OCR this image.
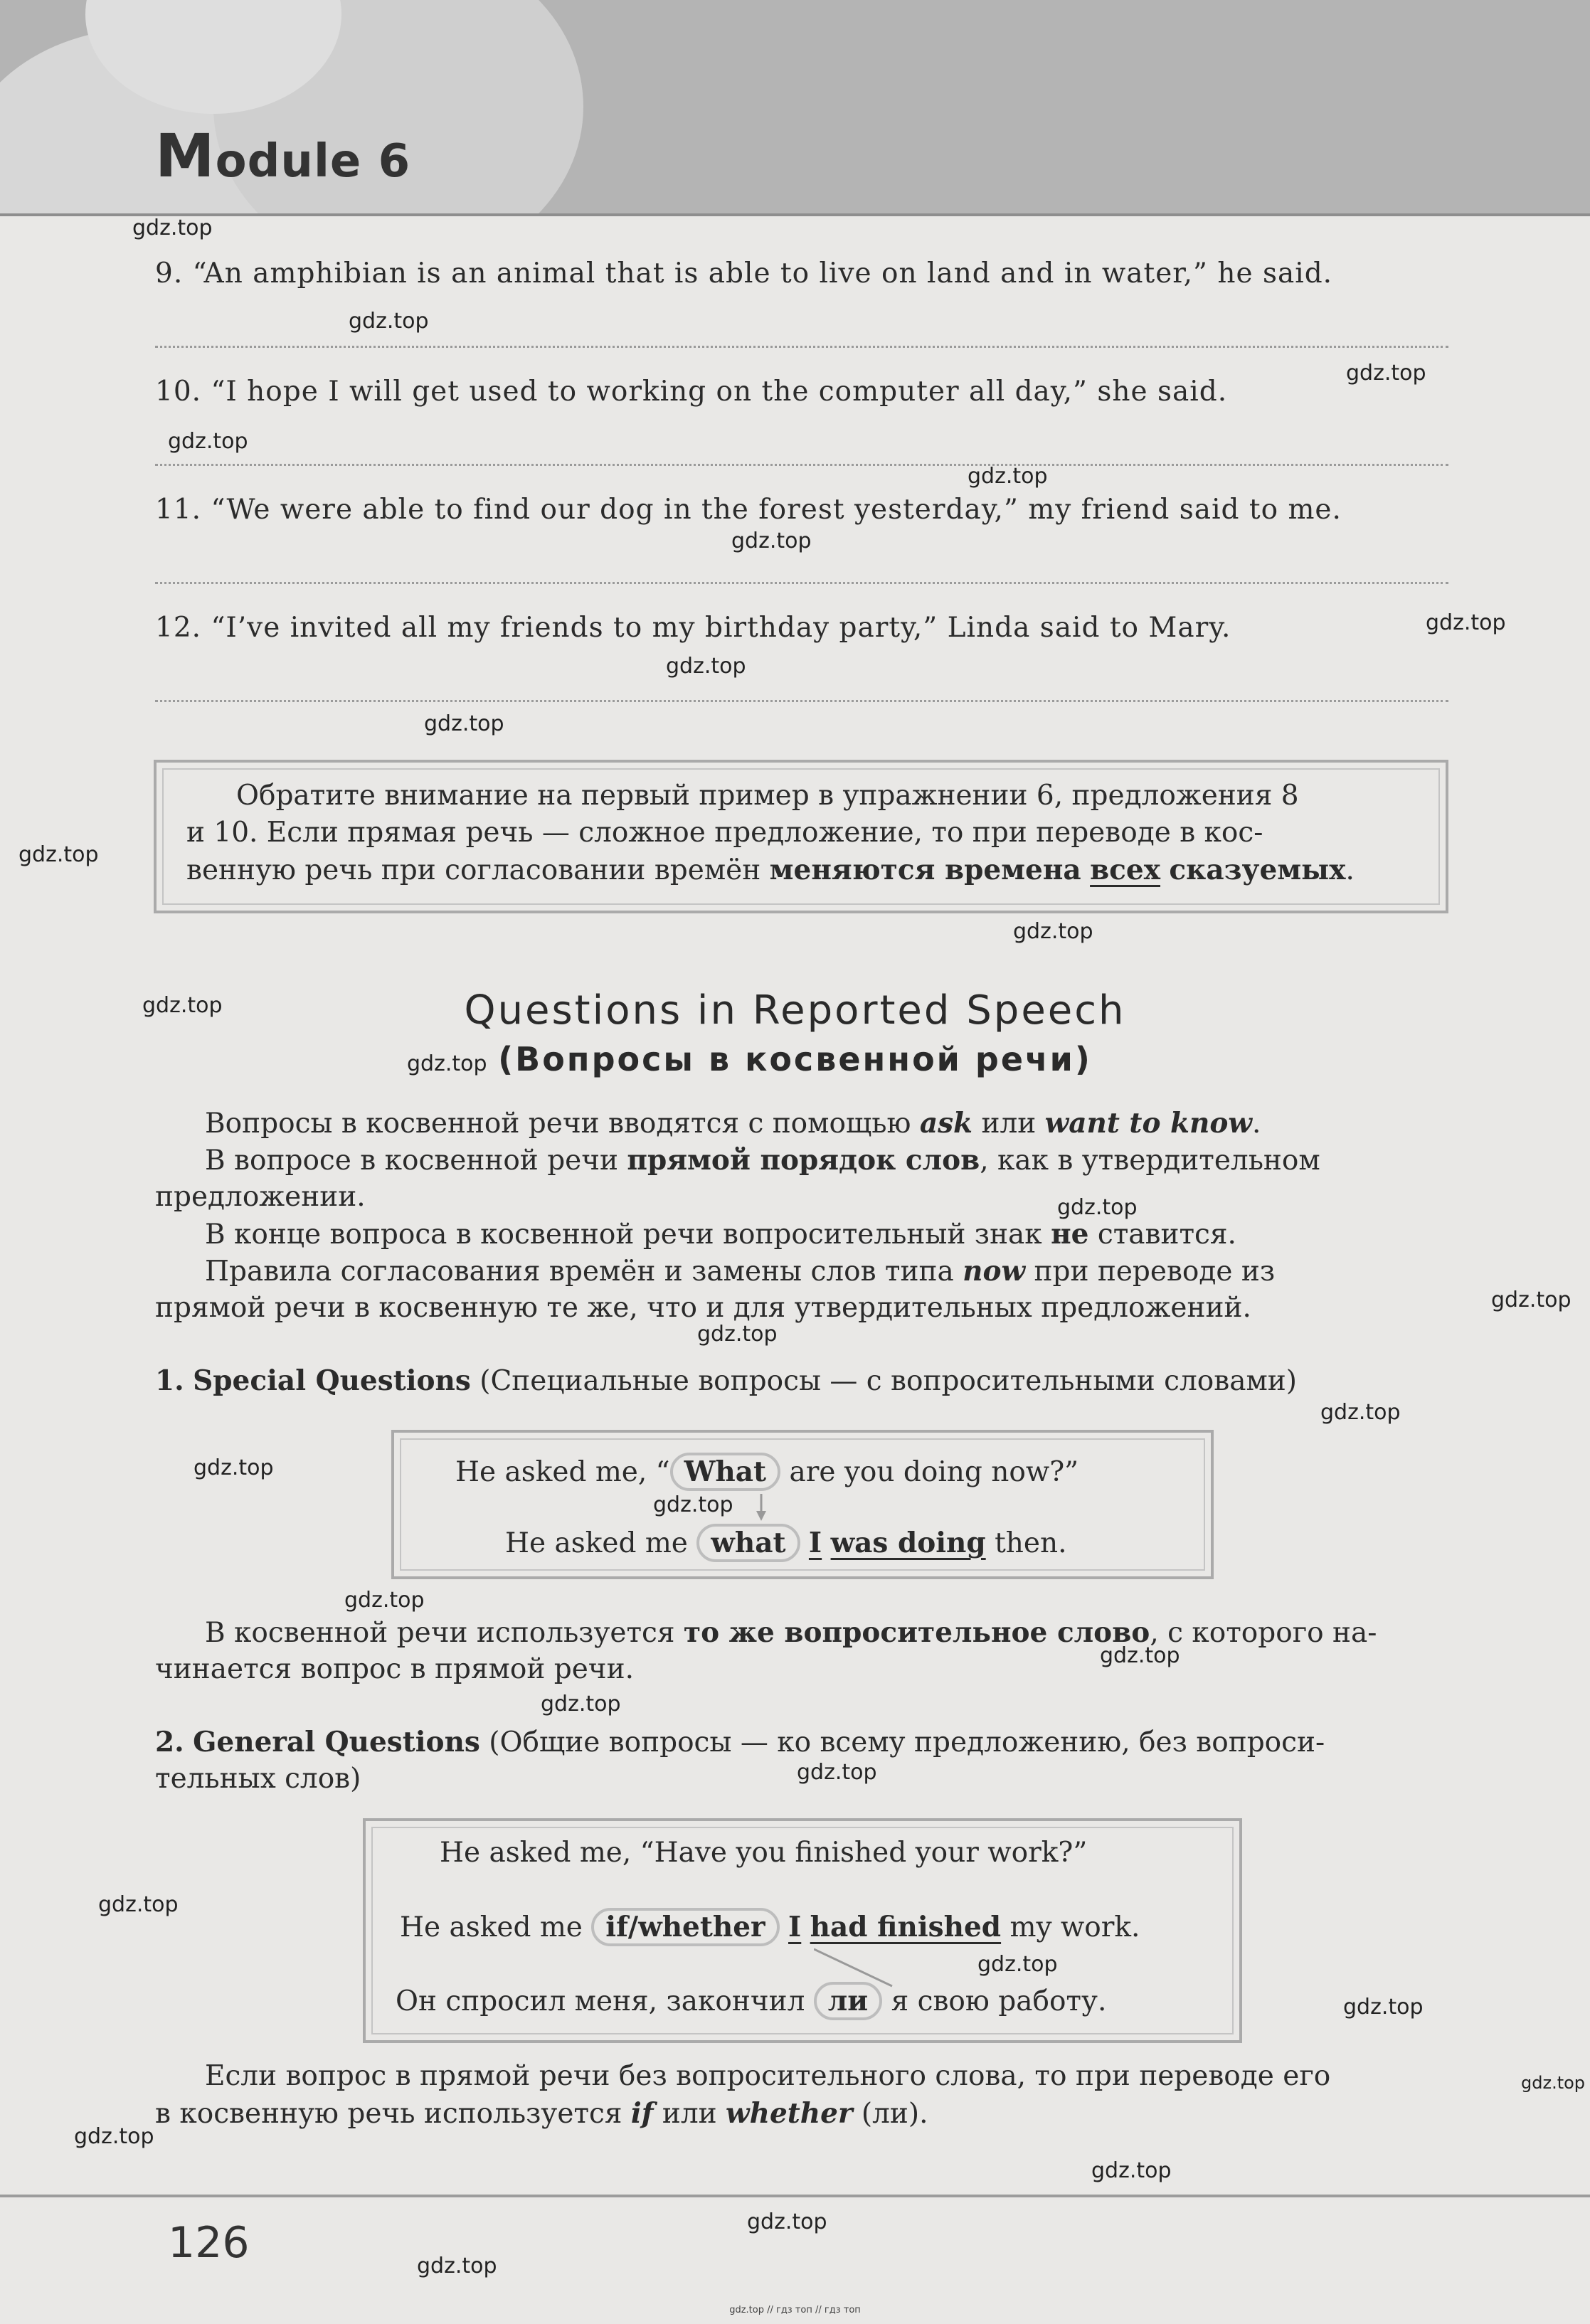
Module 6
9. “An amphibian is an animal that is able to live on land and in water,” he said.
10. “I hope I will get used to working on the computer all day,” she said.
11. “We were able to find our dog in the forest yesterday,” my friend said to me.
12. “I’ve invited all my friends to my birthday party,” Linda said to Mary.
Обратите внимание на первый пример в упражнении 6, предложения 8
и 10. Если прямая речь — сложное предложение, то при переводе в кос-
венную речь при согласовании времён меняются времена всех сказуемых.
Questions in Reported Speech
(Вопросы в косвенной речи)
Вопросы в косвенной речи вводятся с помощью ask или want to know.
В вопросе в косвенной речи прямой порядок слов, как в утвердительном
предложении.
В конце вопроса в косвенной речи вопросительный знак не ставится.
Правила согласования времён и замены слов типа now при переводе из
прямой речи в косвенную те же, что и для утвердительных предложений.
1. Special Questions (Специальные вопросы — с вопросительными словами)
He asked me, “ What are you doing now?”
He asked me what I was doing then.
В косвенной речи используется то же вопросительное слово, с которого на-
чинается вопрос в прямой речи.
2. General Questions (Общие вопросы — ко всему предложению, без вопроси-
тельных слов)
He asked me, “Have you finished your work?”
He asked me if/whether I had finished my work.
Он спросил меня, закончил ли я свою работу.
Если вопрос в прямой речи без вопросительного слова, то при переводе его
в косвенную речь используется if или whether (ли).
126
gdz.top // гдз топ // гдз топ
gdz.top
gdz.top
gdz.top
gdz.top
gdz.top
gdz.top
gdz.top
gdz.top
gdz.top
gdz.top
gdz.top
gdz.top
gdz.top
gdz.top
gdz.top
gdz.top
gdz.top
gdz.top
gdz.top
gdz.top
gdz.top
gdz.top
gdz.top
gdz.top
gdz.top
gdz.top
gdz.top
gdz.top
gdz.top
gdz.top
gdz.top
